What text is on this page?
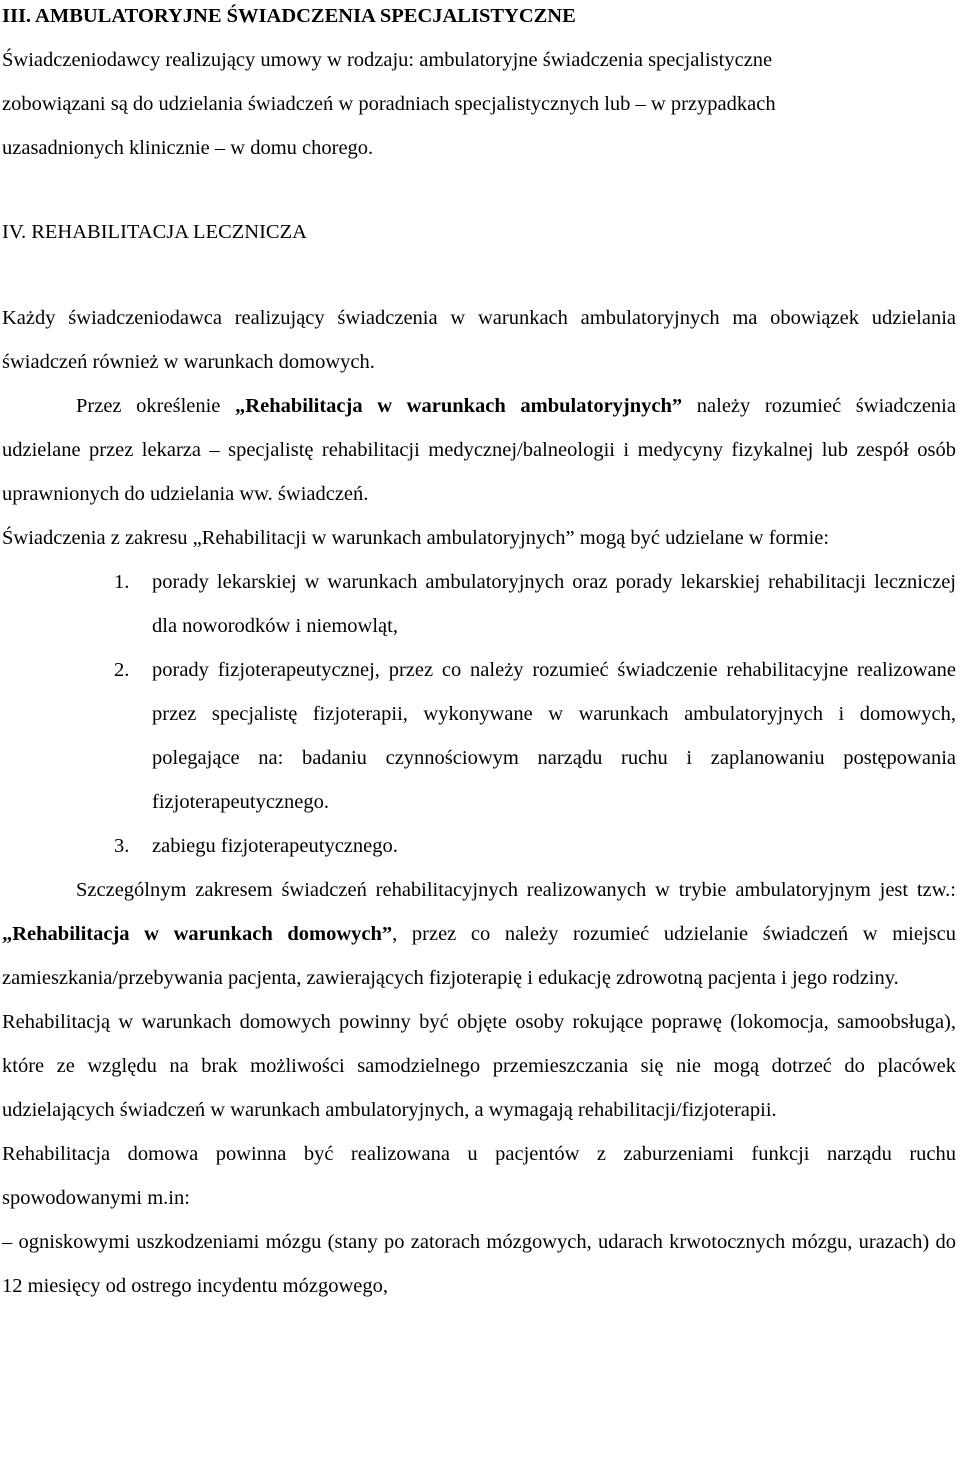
III. AMBULATORYJNE ŚWIADCZENIA SPECJALISTYCZNE

Świadczeniodawcy realizujący umowy w rodzaju: ambulatoryjne świadczenia specjalistyczne
zobowiązani są do udzielania świadczeń w poradniach specjalistycznych lub – w przypadkach
uzasadnionych klinicznie – w domu chorego.

IV. REHABILITACJA LECZNICZA

Każdy świadczeniodawca realizujący świadczenia w warunkach ambulatoryjnych ma obowiązek udzielania świadczeń również w warunkach domowych.

Przez określenie „Rehabilitacja w warunkach ambulatoryjnych” należy rozumieć świadczenia udzielane przez lekarza – specjalistę rehabilitacji medycznej/balneologii i medycyny fizykalnej lub zespół osób uprawnionych do udzielania ww. świadczeń.

Świadczenia z zakresu „Rehabilitacji w warunkach ambulatoryjnych” mogą być udzielane w formie:

1. porady lekarskiej w warunkach ambulatoryjnych oraz porady lekarskiej rehabilitacji leczniczej dla noworodków i niemowląt,
2. porady fizjoterapeutycznej, przez co należy rozumieć świadczenie rehabilitacyjne realizowane przez specjalistę fizjoterapii, wykonywane w warunkach ambulatoryjnych i domowych, polegające na: badaniu czynnościowym narządu ruchu i zaplanowaniu postępowania fizjoterapeutycznego.
3. zabiegu fizjoterapeutycznego.

Szczególnym zakresem świadczeń rehabilitacyjnych realizowanych w trybie ambulatoryjnym jest tzw.: „Rehabilitacja w warunkach domowych”, przez co należy rozumieć udzielanie świadczeń w miejscu zamieszkania/przebywania pacjenta, zawierających fizjoterapię i edukację zdrowotną pacjenta i jego rodziny.

Rehabilitacją w warunkach domowych powinny być objęte osoby rokujące poprawę (lokomocja, samoobsługa), które ze względu na brak możliwości samodzielnego przemieszczania się nie mogą dotrzeć do placówek udzielających świadczeń w warunkach ambulatoryjnych, a wymagają rehabilitacji/fizjoterapii.

Rehabilitacja domowa powinna być realizowana u pacjentów z zaburzeniami funkcji narządu ruchu spowodowanymi m.in:

– ogniskowymi uszkodzeniami mózgu (stany po zatorach mózgowych, udarach krwotocznych mózgu, urazach) do 12 miesięcy od ostrego incydentu mózgowego,
